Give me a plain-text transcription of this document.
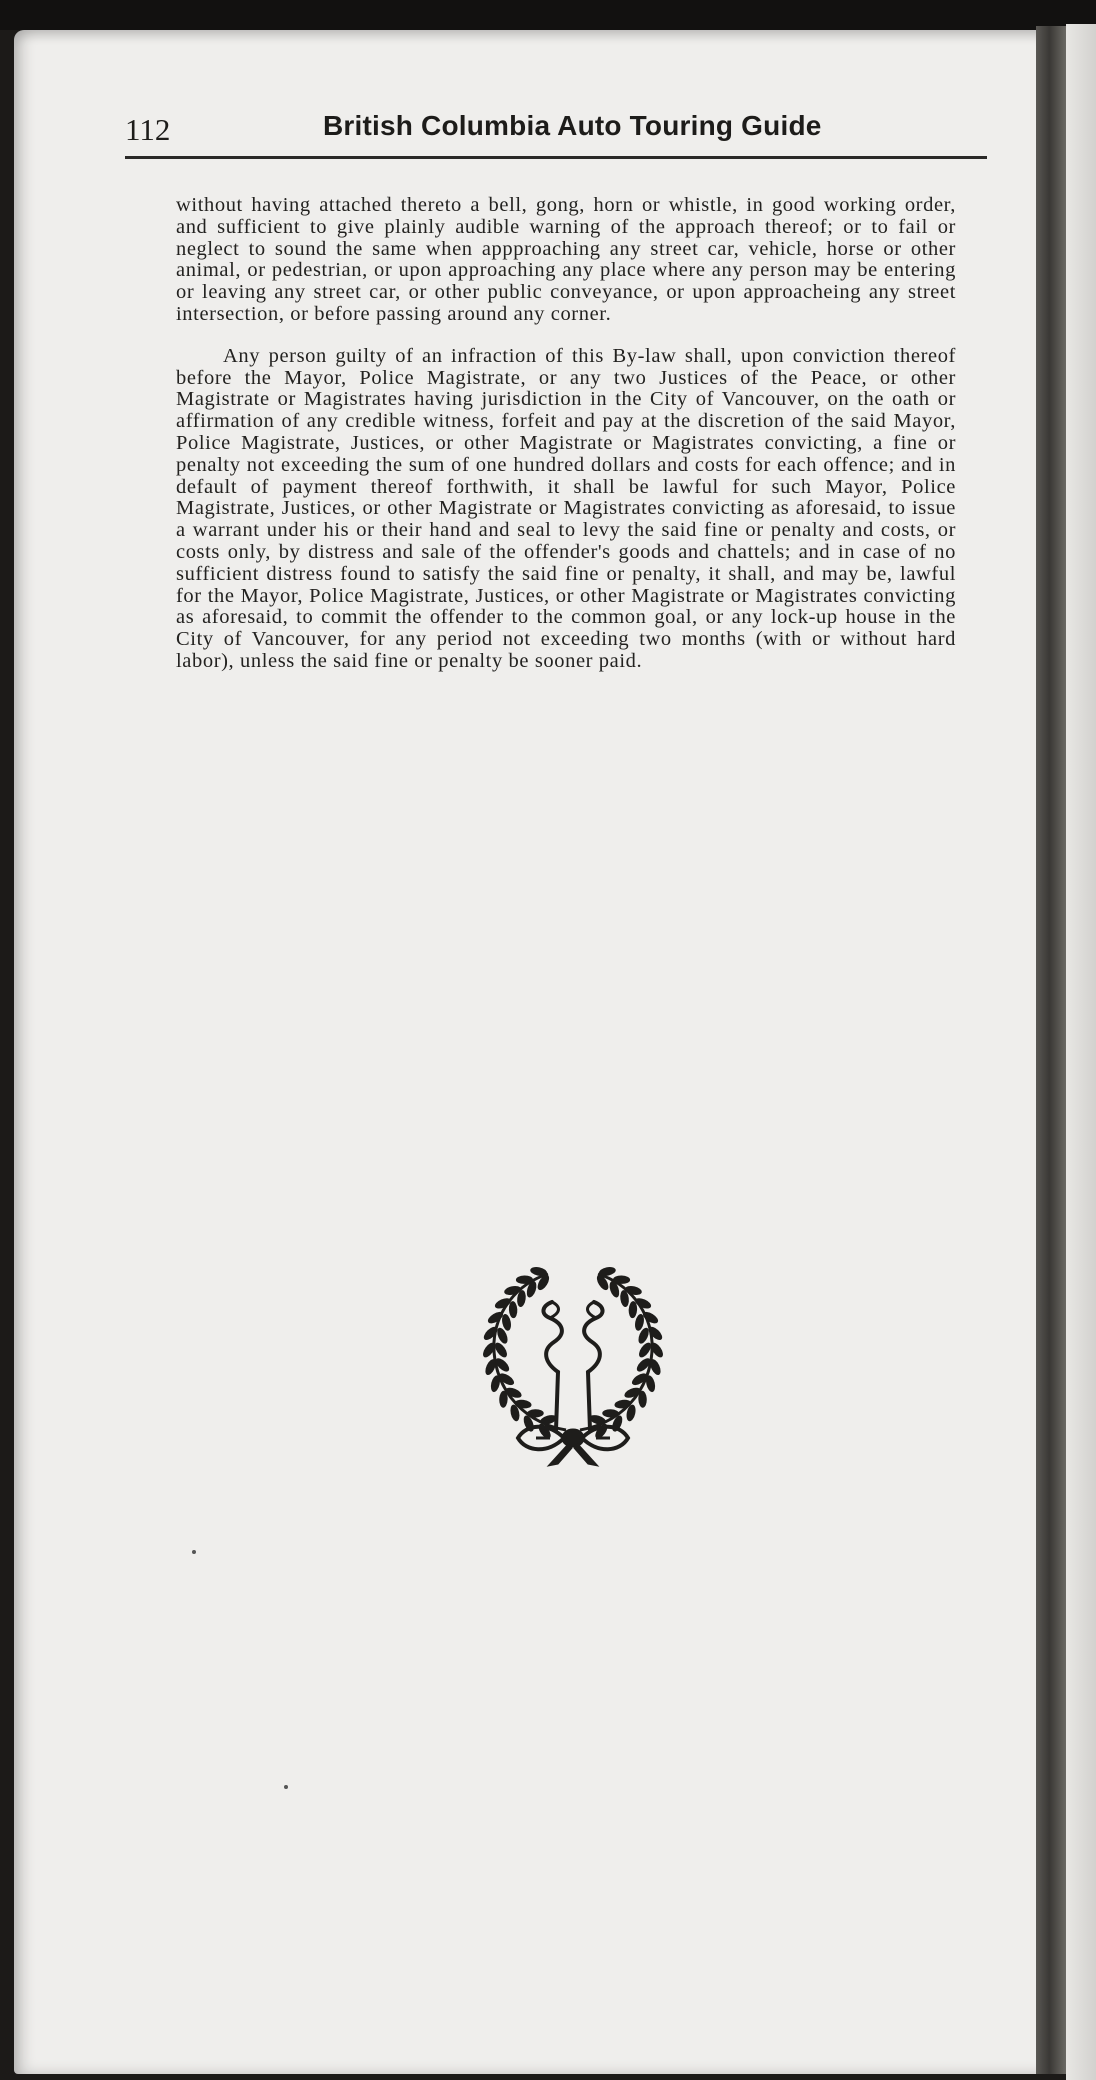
112	British Columbia Auto Touring Guide

without having attached thereto a bell, gong, horn or whistle, in good working order, and sufficient to give plainly audible warning of the approach thereof; or to fail or neglect to sound the same when appproaching any street car, vehicle, horse or other animal, or pedestrian, or upon approaching any place where any person may be entering or leaving any street car, or other public conveyance, or upon approacheing any street intersection, or before passing around any corner.

Any person guilty of an infraction of this By-law shall, upon conviction thereof before the Mayor, Police Magistrate, or any two Justices of the Peace, or other Magistrate or Magistrates having jurisdiction in the City of Vancouver, on the oath or affirmation of any credible witness, forfeit and pay at the discretion of the said Mayor, Police Magistrate, Justices, or other Magistrate or Magistrates convicting, a fine or penalty not exceeding the sum of one hundred dollars and costs for each offence; and in default of payment thereof forthwith, it shall be lawful for such Mayor, Police Magistrate, Justices, or other Magistrate or Magistrates convicting as aforesaid, to issue a warrant under his or their hand and seal to levy the said fine or penalty and costs, or costs only, by distress and sale of the offender's goods and chattels; and in case of no sufficient distress found to satisfy the said fine or penalty, it shall, and may be, lawful for the Mayor, Police Magistrate, Justices, or other Magistrate or Magistrates convicting as aforesaid, to commit the offender to the common goal, or any lock-up house in the City of Vancouver, for any period not exceeding two months (with or without hard labor), unless the said fine or penalty be sooner paid.
